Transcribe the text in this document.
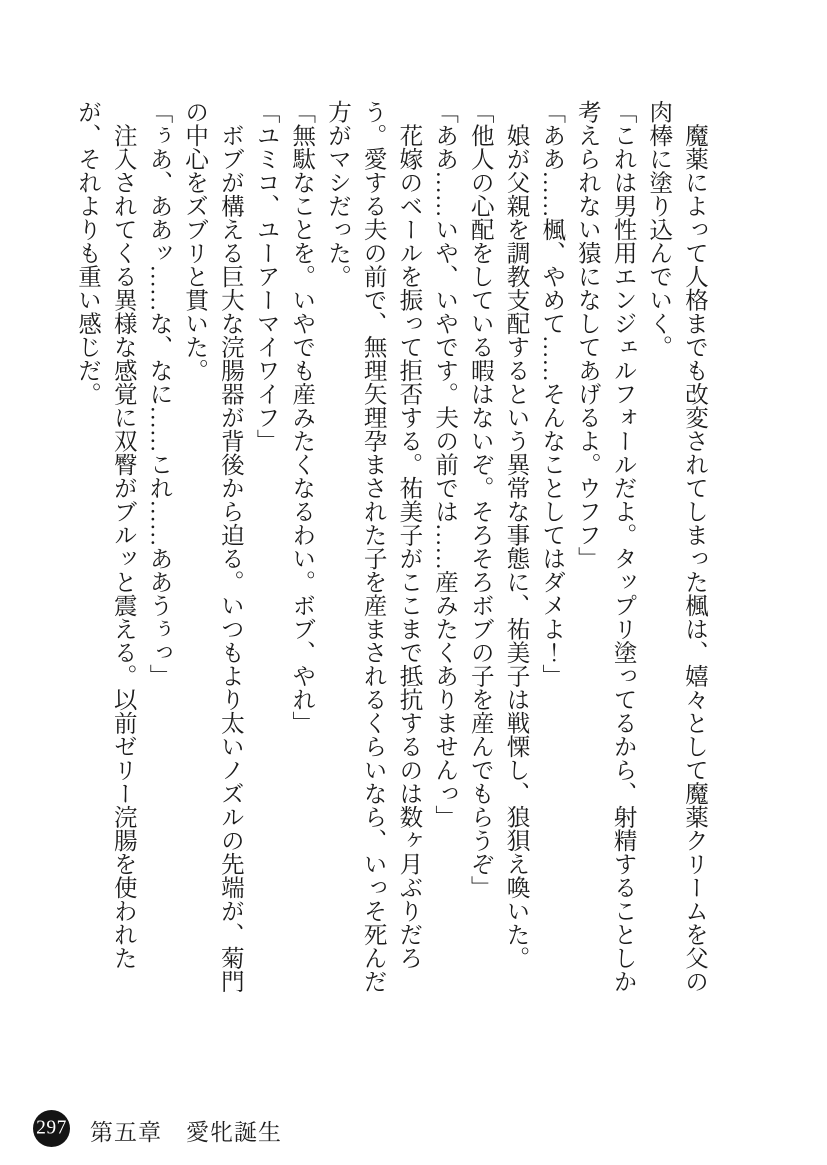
　魔薬によって人格までも改変されてしまった楓は、嬉々として魔薬クリームを父の肉棒に塗り込んでいく。

「これは男性用エンジェルフォールだよ。タップリ塗ってるから、射精することしか考えられない猿になしてあげるよ。ウフフ」

「ああ……楓、やめて……そんなことしてはダメよ！」

　娘が父親を調教支配するという異常な事態に、祐美子は戦慄し、狼狽え喚いた。

「他人の心配をしている暇はないぞ。そろそろボブの子を産んでもらうぞ」

「ああ……いや、いやです。夫の前では……産みたくありませんっ」

　花嫁のベールを振って拒否する。祐美子がここまで抵抗するのは数ヶ月ぶりだろう。愛する夫の前で、無理矢理孕まされた子を産まされるくらいなら、いっそ死んだ方がマシだった。

「無駄なことを。いやでも産みたくなるわい。ボブ、やれ」

「ユミコ、ユーアーマイワイフ」

　ボブが構える巨大な浣腸器が背後から迫る。いつもより太いノズルの先端が、菊門の中心をズブリと貫いた。

「ぅあ、ああッ……な、なに……これ……ああうぅっ」

　注入されてくる異様な感覚に双臀がブルッと震える。以前ゼリー浣腸を使われたが、それよりも重い感じだ。

297 第五章　愛牝誕生
